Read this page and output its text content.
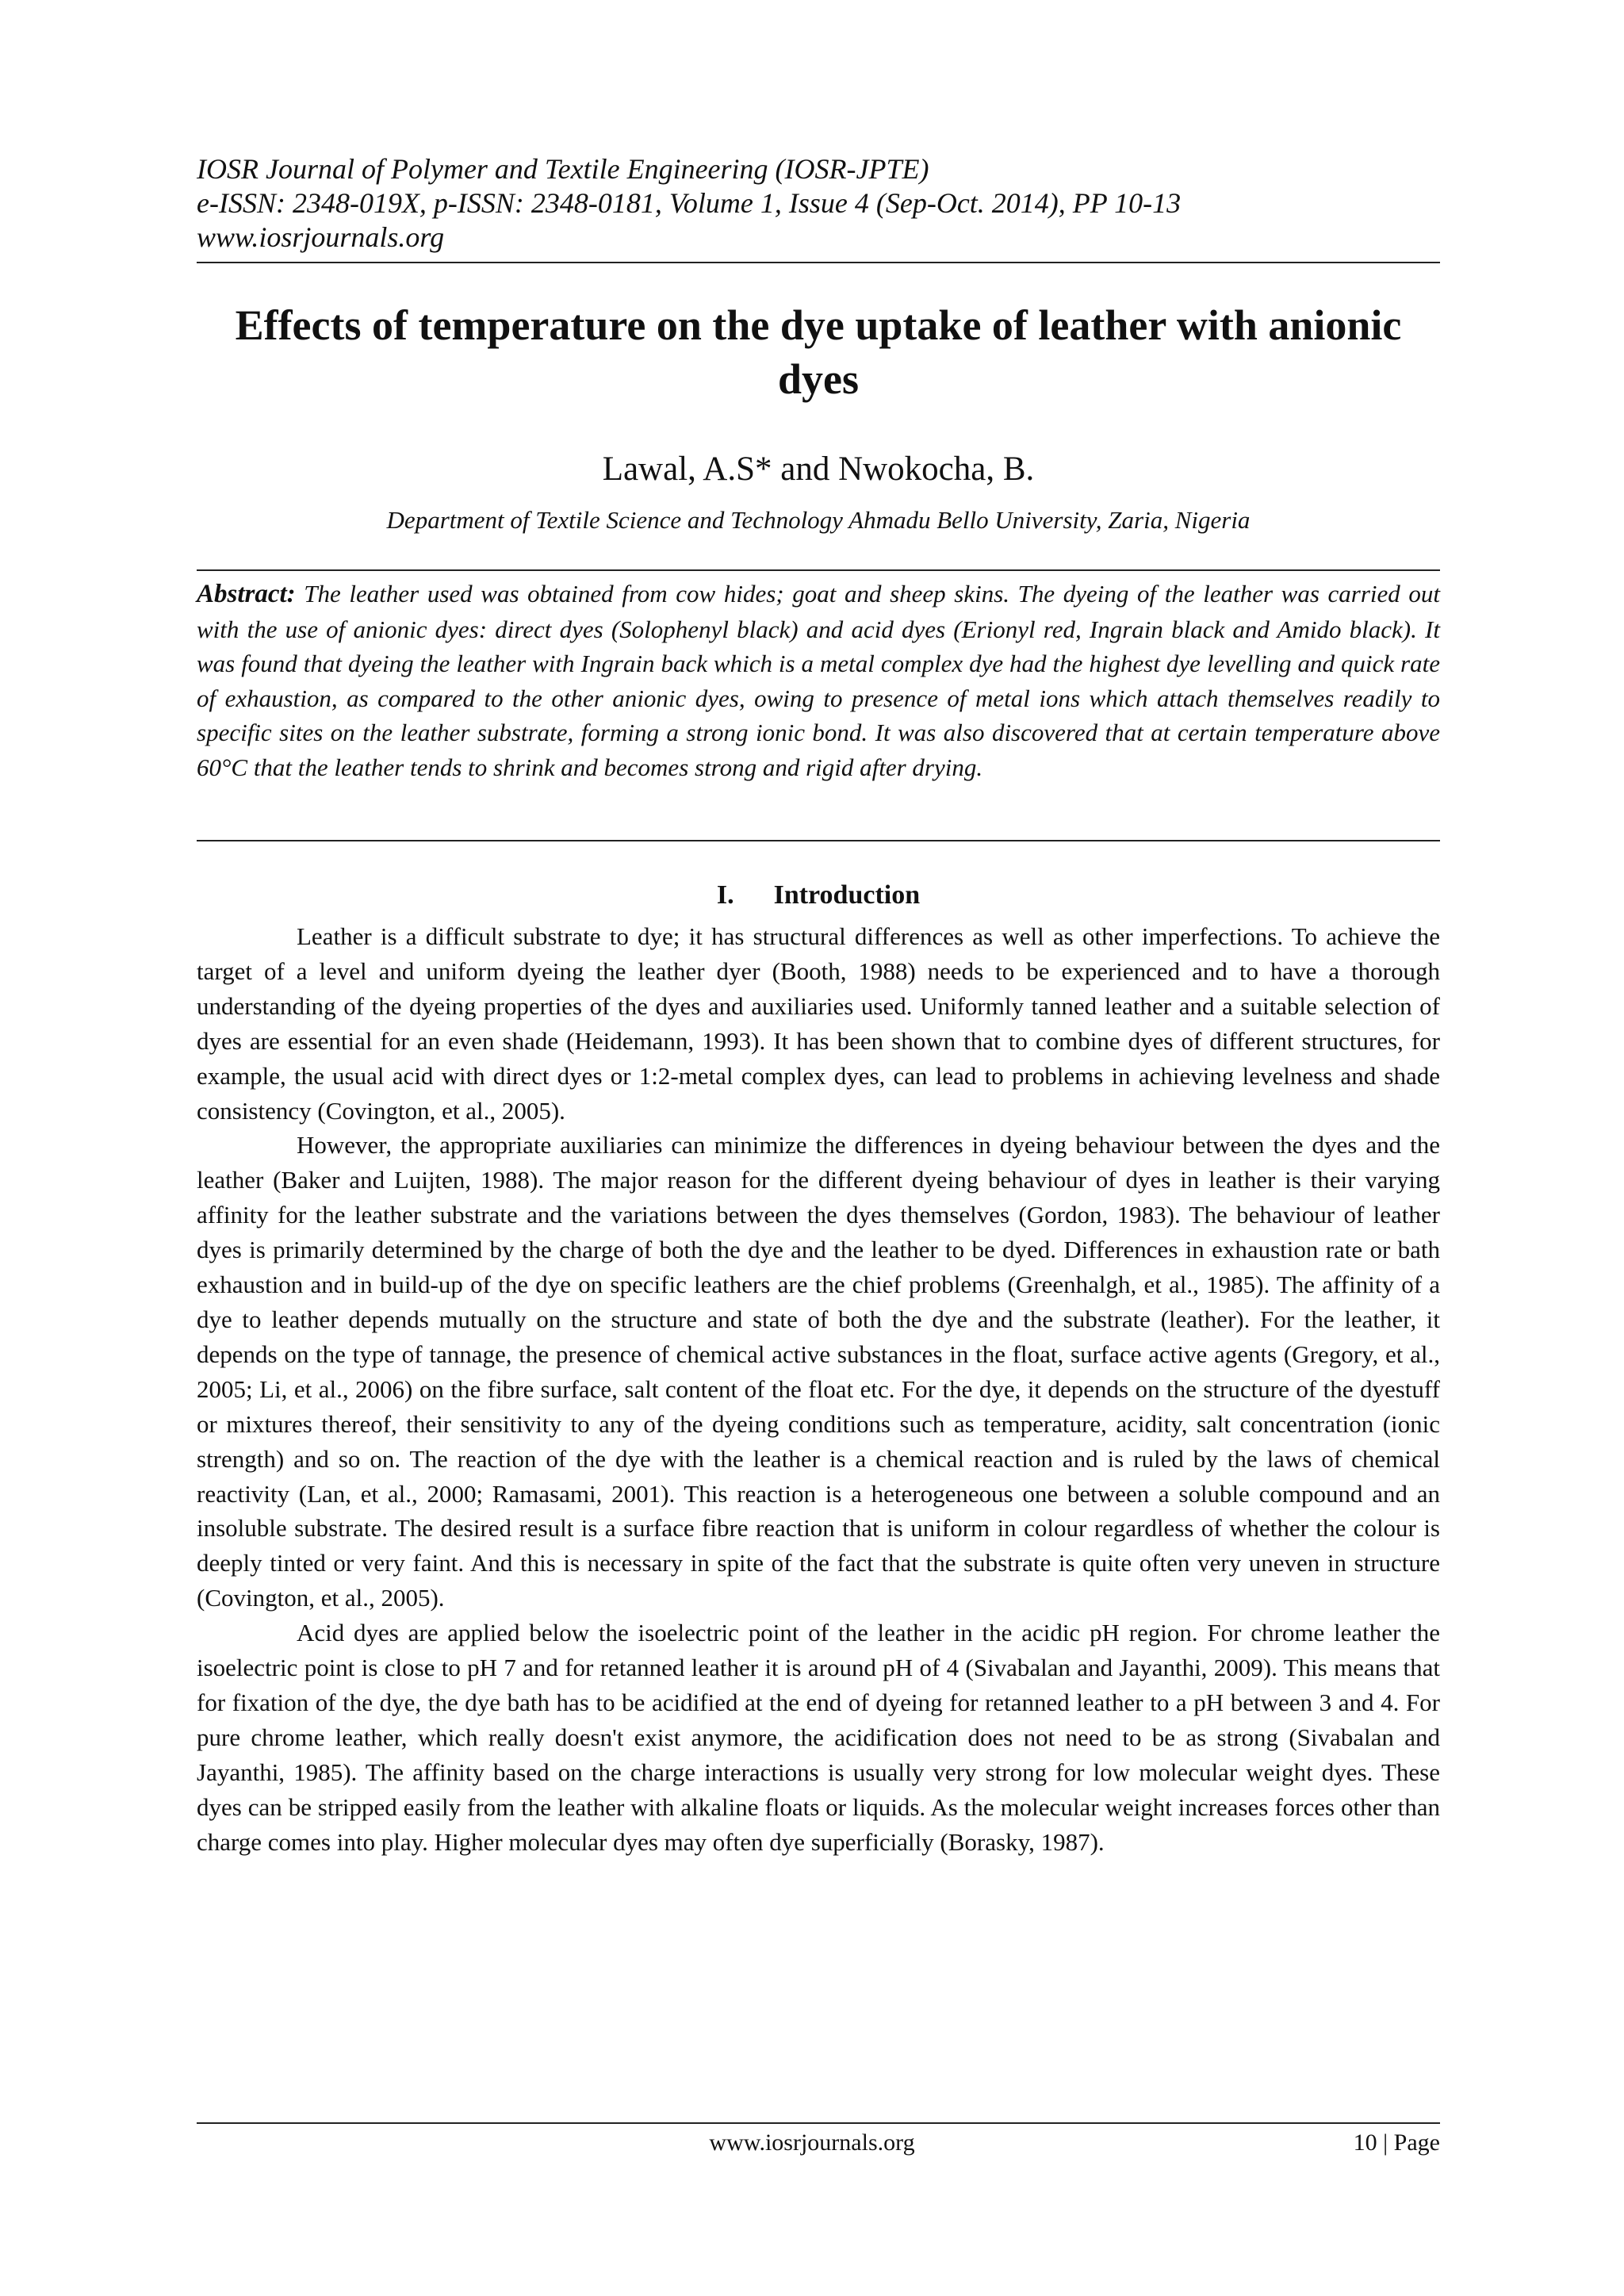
IOSR Journal of Polymer and Textile Engineering (IOSR-JPTE)
e-ISSN: 2348-019X, p-ISSN: 2348-0181, Volume 1, Issue 4 (Sep-Oct. 2014), PP 10-13
www.iosrjournals.org
Effects of temperature on the dye uptake of leather with anionic dyes
Lawal, A.S* and Nwokocha, B.
Department of Textile Science and Technology Ahmadu Bello University, Zaria, Nigeria
Abstract: The leather used was obtained from cow hides; goat and sheep skins. The dyeing of the leather was carried out with the use of anionic dyes: direct dyes (Solophenyl black) and acid dyes (Erionyl red, Ingrain black and Amido black). It was found that dyeing the leather with Ingrain back which is a metal complex dye had the highest dye levelling and quick rate of exhaustion, as compared to the other anionic dyes, owing to presence of metal ions which attach themselves readily to specific sites on the leather substrate, forming a strong ionic bond. It was also discovered that at certain temperature above 60°C that the leather tends to shrink and becomes strong and rigid after drying.
I. Introduction

Leather is a difficult substrate to dye; it has structural differences as well as other imperfections. To achieve the target of a level and uniform dyeing the leather dyer (Booth, 1988) needs to be experienced and to have a thorough understanding of the dyeing properties of the dyes and auxiliaries used. Uniformly tanned leather and a suitable selection of dyes are essential for an even shade (Heidemann, 1993). It has been shown that to combine dyes of different structures, for example, the usual acid with direct dyes or 1:2-metal complex dyes, can lead to problems in achieving levelness and shade consistency (Covington, et al., 2005).

However, the appropriate auxiliaries can minimize the differences in dyeing behaviour between the dyes and the leather (Baker and Luijten, 1988). The major reason for the different dyeing behaviour of dyes in leather is their varying affinity for the leather substrate and the variations between the dyes themselves (Gordon, 1983). The behaviour of leather dyes is primarily determined by the charge of both the dye and the leather to be dyed. Differences in exhaustion rate or bath exhaustion and in build-up of the dye on specific leathers are the chief problems (Greenhalgh, et al., 1985). The affinity of a dye to leather depends mutually on the structure and state of both the dye and the substrate (leather). For the leather, it depends on the type of tannage, the presence of chemical active substances in the float, surface active agents (Gregory, et al., 2005; Li, et al., 2006) on the fibre surface, salt content of the float etc. For the dye, it depends on the structure of the dyestuff or mixtures thereof, their sensitivity to any of the dyeing conditions such as temperature, acidity, salt concentration (ionic strength) and so on. The reaction of the dye with the leather is a chemical reaction and is ruled by the laws of chemical reactivity (Lan, et al., 2000; Ramasami, 2001). This reaction is a heterogeneous one between a soluble compound and an insoluble substrate. The desired result is a surface fibre reaction that is uniform in colour regardless of whether the colour is deeply tinted or very faint. And this is necessary in spite of the fact that the substrate is quite often very uneven in structure (Covington, et al., 2005).

Acid dyes are applied below the isoelectric point of the leather in the acidic pH region. For chrome leather the isoelectric point is close to pH 7 and for retanned leather it is around pH of 4 (Sivabalan and Jayanthi, 2009). This means that for fixation of the dye, the dye bath has to be acidified at the end of dyeing for retanned leather to a pH between 3 and 4. For pure chrome leather, which really doesn't exist anymore, the acidification does not need to be as strong (Sivabalan and Jayanthi, 1985). The affinity based on the charge interactions is usually very strong for low molecular weight dyes. These dyes can be stripped easily from the leather with alkaline floats or liquids. As the molecular weight increases forces other than charge comes into play. Higher molecular dyes may often dye superficially (Borasky, 1987).

www.iosrjournals.org	10 | Page
